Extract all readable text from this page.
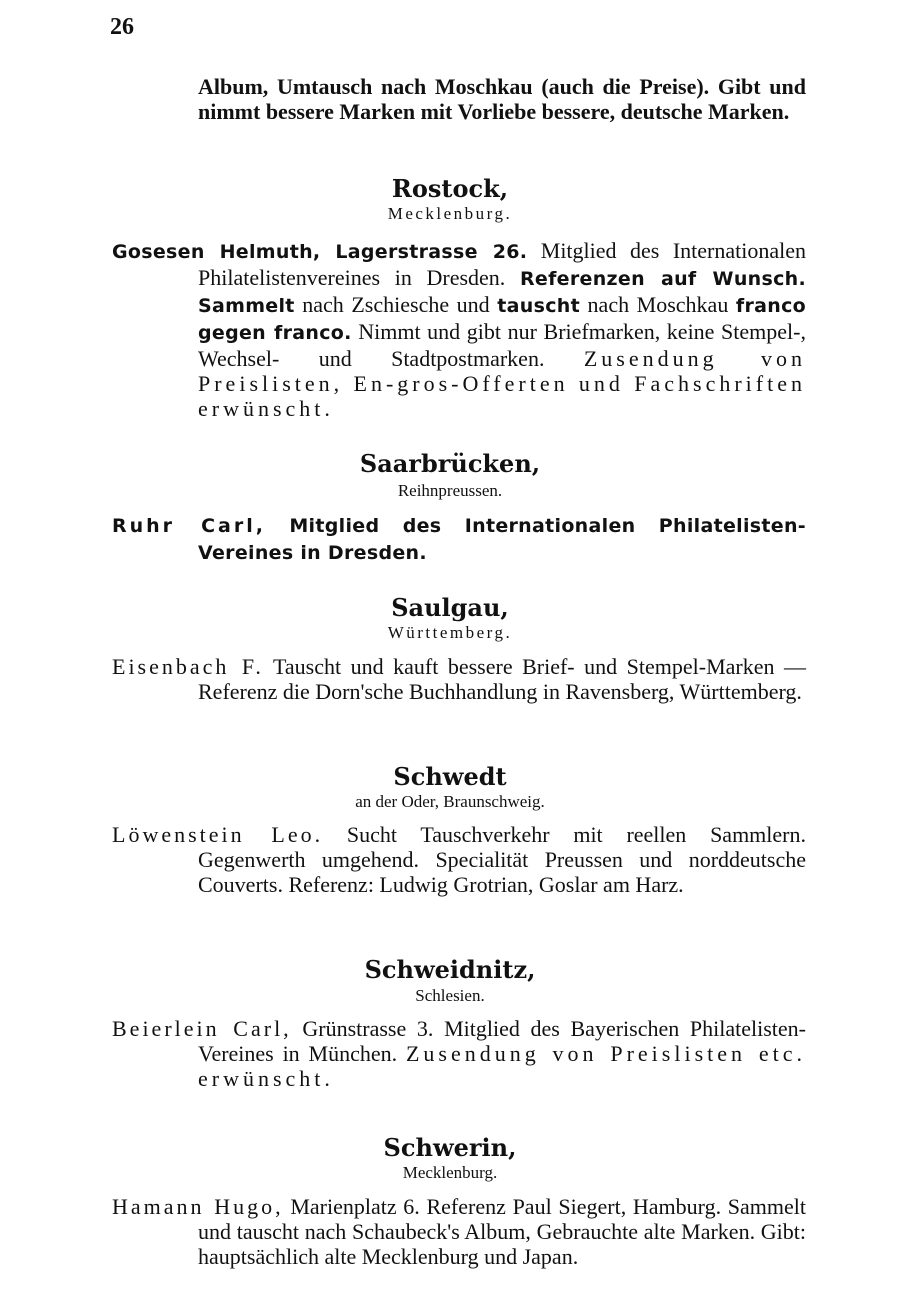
26
Album, Umtausch nach Moschkau (auch die Preise). Gibt und nimmt bessere Marken mit Vorliebe bessere, deutsche Marken.
Rostock,
Mecklenburg.
Gosesen Helmuth, Lagerstrasse 26. Mitglied des Internationalen Philatelistenvereines in Dresden. Referenzen auf Wunsch. Sammelt nach Zschiesche und tauscht nach Moschkau franco gegen franco. Nimmt und gibt nur Briefmarken, keine Stempel-, Wechsel- und Stadtpostmarken. Zusendung von Preislisten, En-gros-Offerten und Fachschriften erwünscht.
Saarbrücken,
Reihnpreussen.
Ruhr Carl, Mitglied des Internationalen Philatelisten-Vereines in Dresden.
Saulgau,
Württemberg.
Eisenbach F. Tauscht und kauft bessere Brief- und Stempel-Marken — Referenz die Dorn'sche Buchhandlung in Ravensberg, Württemberg.
Schwedt
an der Oder, Braunschweig.
Löwenstein Leo. Sucht Tauschverkehr mit reellen Sammlern. Gegenwerth umgehend. Specialität Preussen und norddeutsche Couverts. Referenz: Ludwig Grotrian, Goslar am Harz.
Schweidnitz,
Schlesien.
Beierlein Carl, Grünstrasse 3. Mitglied des Bayerischen Philatelisten-Vereines in München. Zusendung von Preislisten etc. erwünscht.
Schwerin,
Mecklenburg.
Hamann Hugo, Marienplatz 6. Referenz Paul Siegert, Hamburg. Sammelt und tauscht nach Schaubeck's Album, Gebrauchte alte Marken. Gibt: hauptsächlich alte Mecklenburg und Japan.
